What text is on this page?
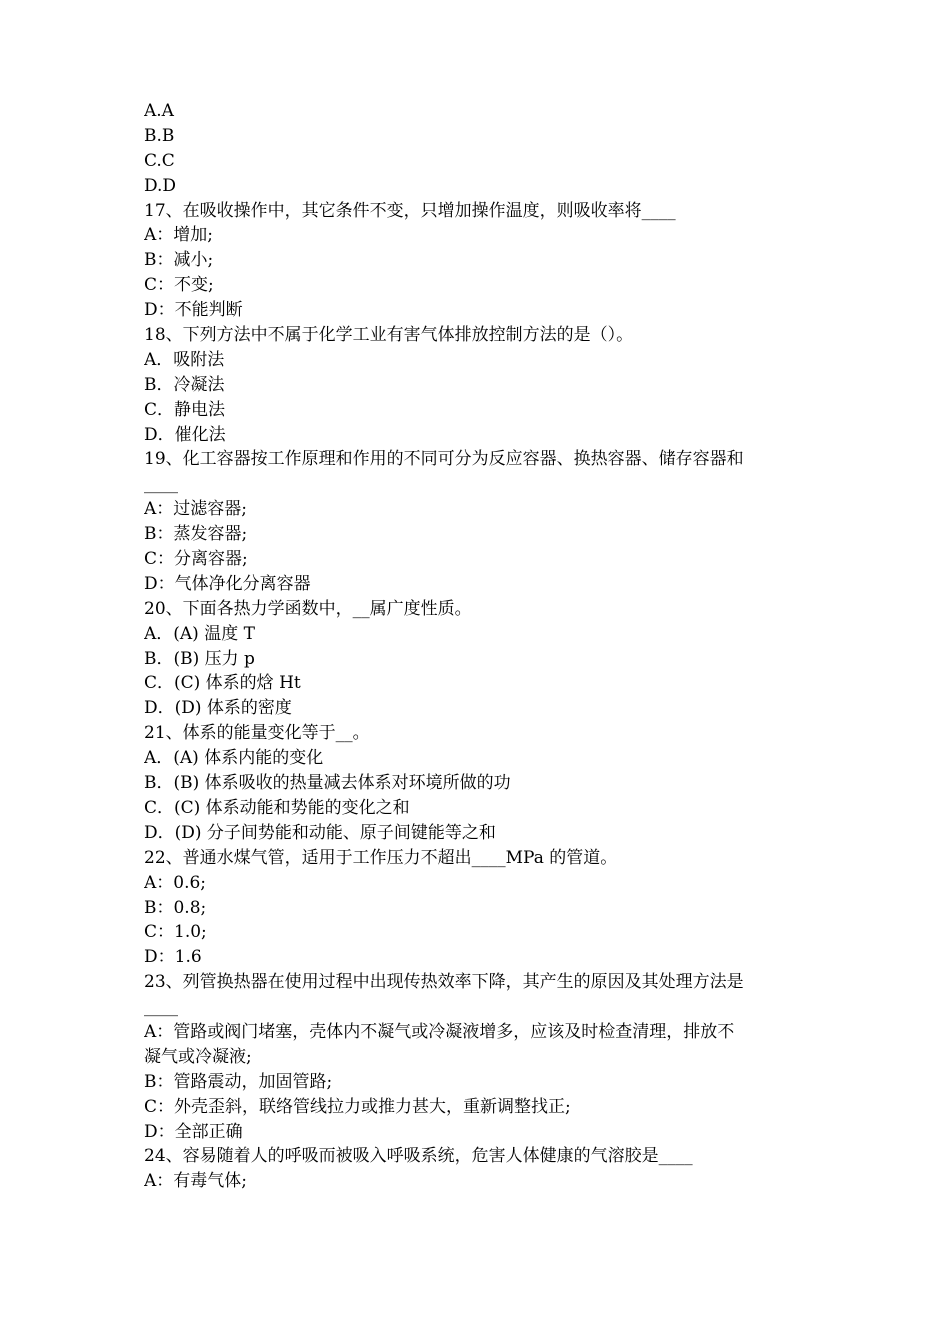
A.A
B.B
C.C
D.D
17、在吸收操作中，其它条件不变，只增加操作温度，则吸收率将____
A：增加;
B：减小;
C：不变;
D：不能判断
18、下列方法中不属于化学工业有害气体排放控制方法的是（）。
A．吸附法
B．冷凝法
C．静电法
D．催化法
19、化工容器按工作原理和作用的不同可分为反应容器、换热容器、储存容器和
____
A：过滤容器;
B：蒸发容器;
C：分离容器;
D：气体净化分离容器
20、下面各热力学函数中，__属广度性质。
A．(A) 温度 T
B．(B) 压力 p
C．(C) 体系的焓 Ht
D．(D) 体系的密度
21、体系的能量变化等于__。
A．(A) 体系内能的变化
B．(B) 体系吸收的热量减去体系对环境所做的功
C．(C) 体系动能和势能的变化之和
D．(D) 分子间势能和动能、原子间键能等之和
22、普通水煤气管，适用于工作压力不超出____MPa 的管道。
A：0.6;
B：0.8;
C：1.0;
D：1.6
23、列管换热器在使用过程中出现传热效率下降，其产生的原因及其处理方法是
____
A：管路或阀门堵塞，壳体内不凝气或冷凝液增多，应该及时检查清理，排放不
凝气或冷凝液;
B：管路震动，加固管路;
C：外壳歪斜，联络管线拉力或推力甚大，重新调整找正;
D：全部正确
24、容易随着人的呼吸而被吸入呼吸系统，危害人体健康的气溶胶是____
A：有毒气体;
